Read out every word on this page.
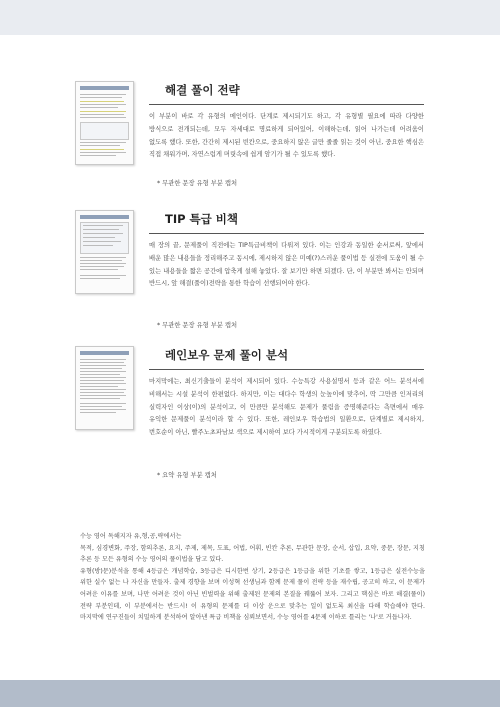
해결 풀이 전략
이 부분이 바로 각 유형의 메인이다. 단계로 제시되기도 하고, 각 유형별 필요에 따라 다양한 방식으로 전개되는데, 모두 자세대로 명료하게 되어있어, 이해하는데, 읽어 나가는데 어려움이 없도록 했다. 또한, 간간히 제시된 빈칸으로, 중요하지 않은 글만 줄줄 읽는 것이 아닌, 중요한 핵심은 직접 채워가며, 자연스럽게 머릿속에 쉽게 암기가 될 수 있도록 했다.
* 무관한 문장 유형 부분 캡처
TIP 특급 비책
매 장의 끝, 문제풀이 직전에는 TIP특급비책이 다뤄져 있다. 이는 인강과 동일한 순서로써, 앞에서 배운 많은 내용들을 정리해주고 동시에, 제시하지 않은 미예(?)스러운 풀이법 등 실전에 도움이 될 수 있는 내용들을 짧은 공간에 압축게 설해 놓았다. 잘 보기만 하면 되겠다. 단, 이 부분만 봐서는 안되며 반드시, 앞 해결(풀이)전략을 통한 학습이 선행되어야 한다.
* 무관한 문장 유형 부분 캡처
레인보우 문제 풀이 분석
마지막에는, 최신기출들이 분석이 제시되어 있다. 수능특강 사용설명서 등과 같은 어느 분석서에 비해서는 시설 분석이 한편없다. 하지만, 이는 대다수 학생의 눈높이에 맞추어, 딱 그만큼 인저리의 실력자인 이상(이)의 분석이고, 이 만큼만 분석해도 문제가 풀림을 증명해준다는 측면에서 매우 유익한 문제풀이 분석이라 할 수 있다. 또한, 레인보우 학습법의 일환으로, 단계별로 제시하지, 번호순이 아닌, 빨주노초파남보 색으로 제시하여 보다 가시적이게 구분되도록 하였다.
* 요약 유형 부분 캡처

수능 영어 독해지자 유,형,공,략에서는

목적, 심경변화, 주장, 함의추론, 요지, 주제, 제목, 도표, 어법, 어휘, 빈칸 추론, 무관한 문장, 순서, 삽입, 요약, 중문, 장문, 지칭 추론 등 모든 유형의 수능 영어의 풀이법을 담고 있다.

유형(방)문)분석을 통해 4등급은 개념학습, 3등급은 디시한번 상기, 2등급은 1등급을 위한 기초를 쌓고, 1등급은 실전수능을 위한 실수 없는 나 자신을 만들자. 출제 경향을 보며 이성혁 선생님과 함께 문제 풀이 전략 등을 재수립, 공고히 하고, 이 문제가 어려운 이유를 보며, 나만 어려운 것이 아닌 빈벌력을 위해 출제된 문제의 본질을 꿰뚫어 보자. 그리고 핵심은 바로 해결(풀이)전략 부분인데, 이 부분에서는 반드시! 이 유형의 문제를 더 이상 운으로 맞추는 일이 없도록 최신을 다해 학습해야 한다. 마지막에 연구진들이 치밀하게 분석하여 알아낸 특급 비책을 심뢰보면서, 수능 영어를 4문제 이하로 틀리는 '나'로 거듭나자.
